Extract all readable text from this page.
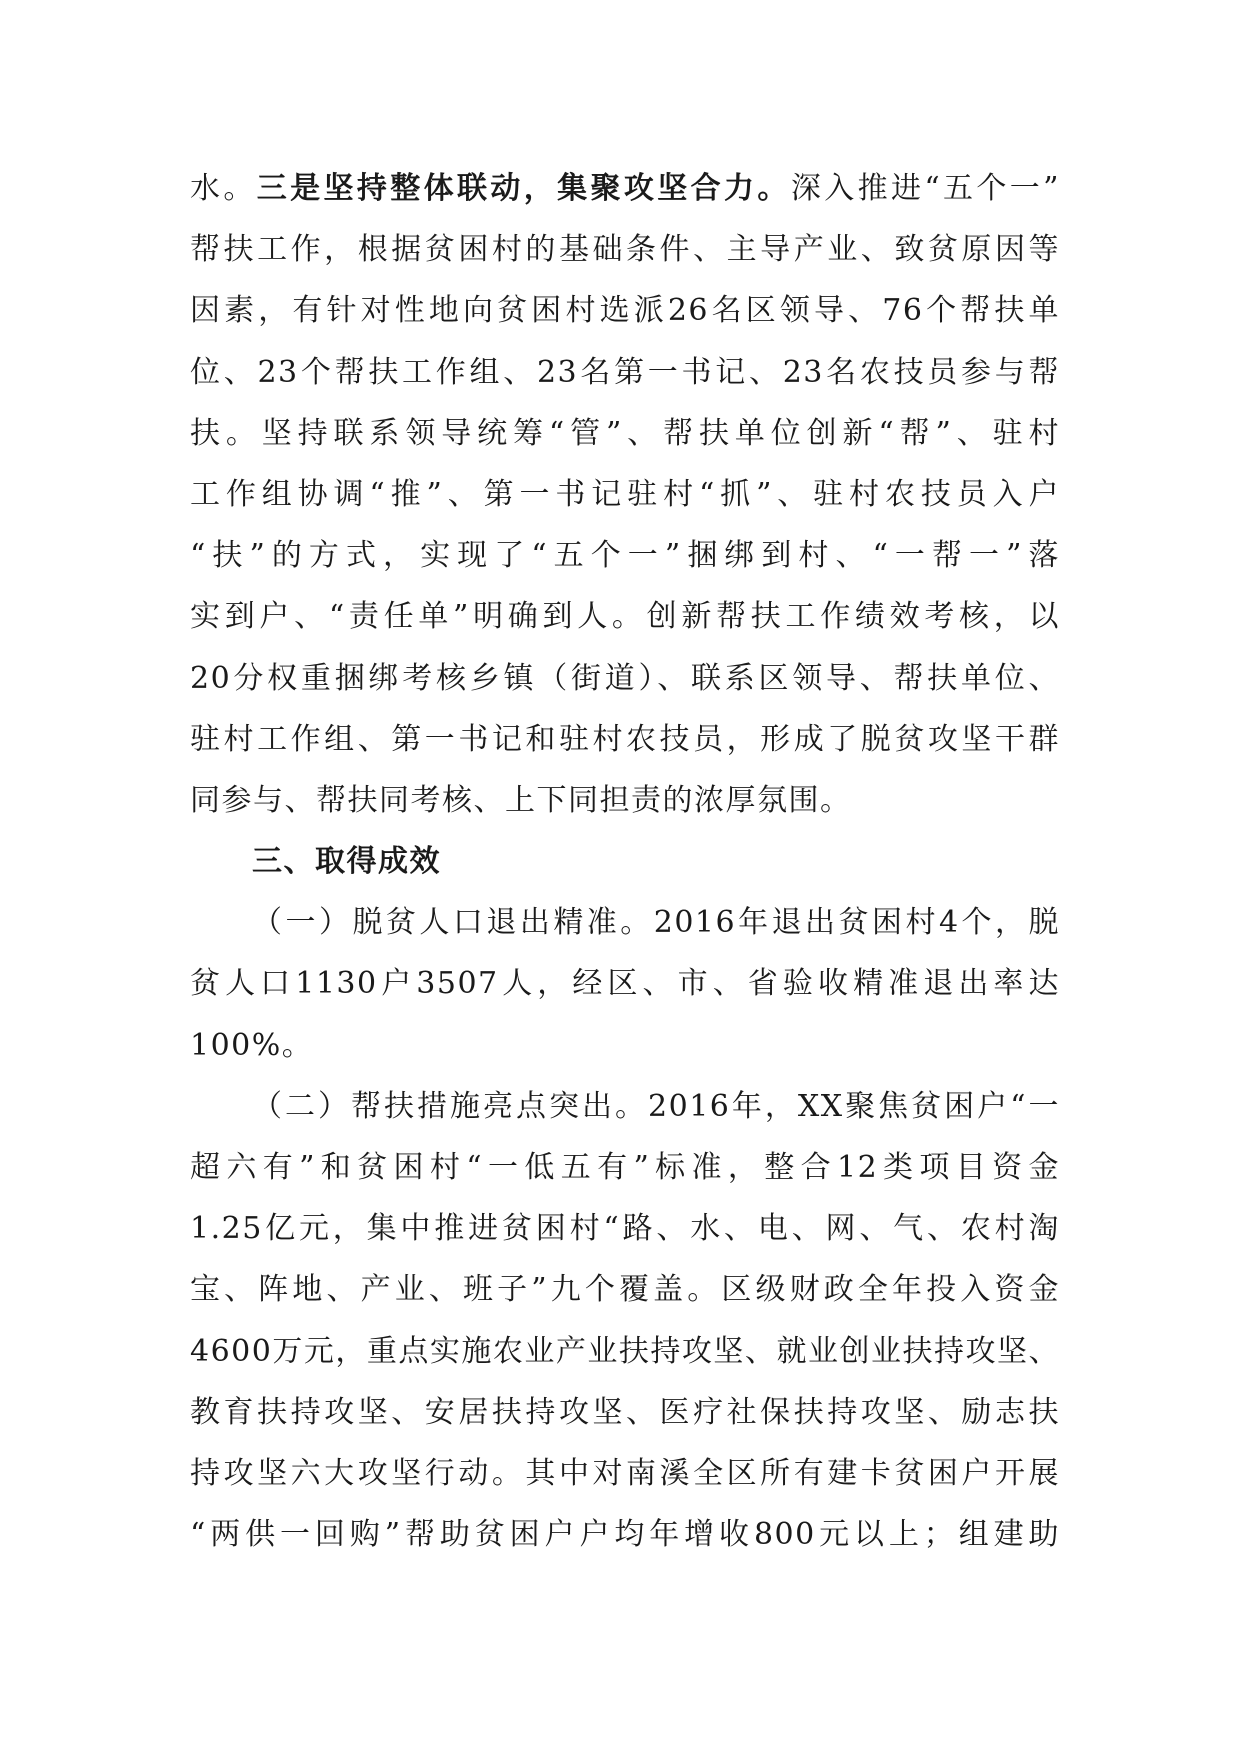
水。三是坚持整体联动，集聚攻坚合力。深入推进“五个一”
帮扶工作，根据贫困村的基础条件、主导产业、致贫原因等
因素，有针对性地向贫困村选派26名区领导、76个帮扶单
位、23个帮扶工作组、23名第一书记、23名农技员参与帮
扶。坚持联系领导统筹“管”、帮扶单位创新“帮”、驻村
工作组协调“推”、第一书记驻村“抓”、驻村农技员入户
“扶”的方式，实现了“五个一”捆绑到村、“一帮一”落
实到户、“责任单”明确到人。创新帮扶工作绩效考核，以
20分权重捆绑考核乡镇（街道）、联系区领导、帮扶单位、
驻村工作组、第一书记和驻村农技员，形成了脱贫攻坚干群
同参与、帮扶同考核、上下同担责的浓厚氛围。
三、取得成效
（一）脱贫人口退出精准。2016年退出贫困村4个，脱
贫人口1130户3507人，经区、市、省验收精准退出率达
100%。
（二）帮扶措施亮点突出。2016年，XX聚焦贫困户“一
超六有”和贫困村“一低五有”标准，整合12类项目资金
1.25亿元，集中推进贫困村“路、水、电、网、气、农村淘
宝、阵地、产业、班子”九个覆盖。区级财政全年投入资金
4600万元，重点实施农业产业扶持攻坚、就业创业扶持攻坚、
教育扶持攻坚、安居扶持攻坚、医疗社保扶持攻坚、励志扶
持攻坚六大攻坚行动。其中对南溪全区所有建卡贫困户开展
“两供一回购”帮助贫困户户均年增收800元以上；组建助
